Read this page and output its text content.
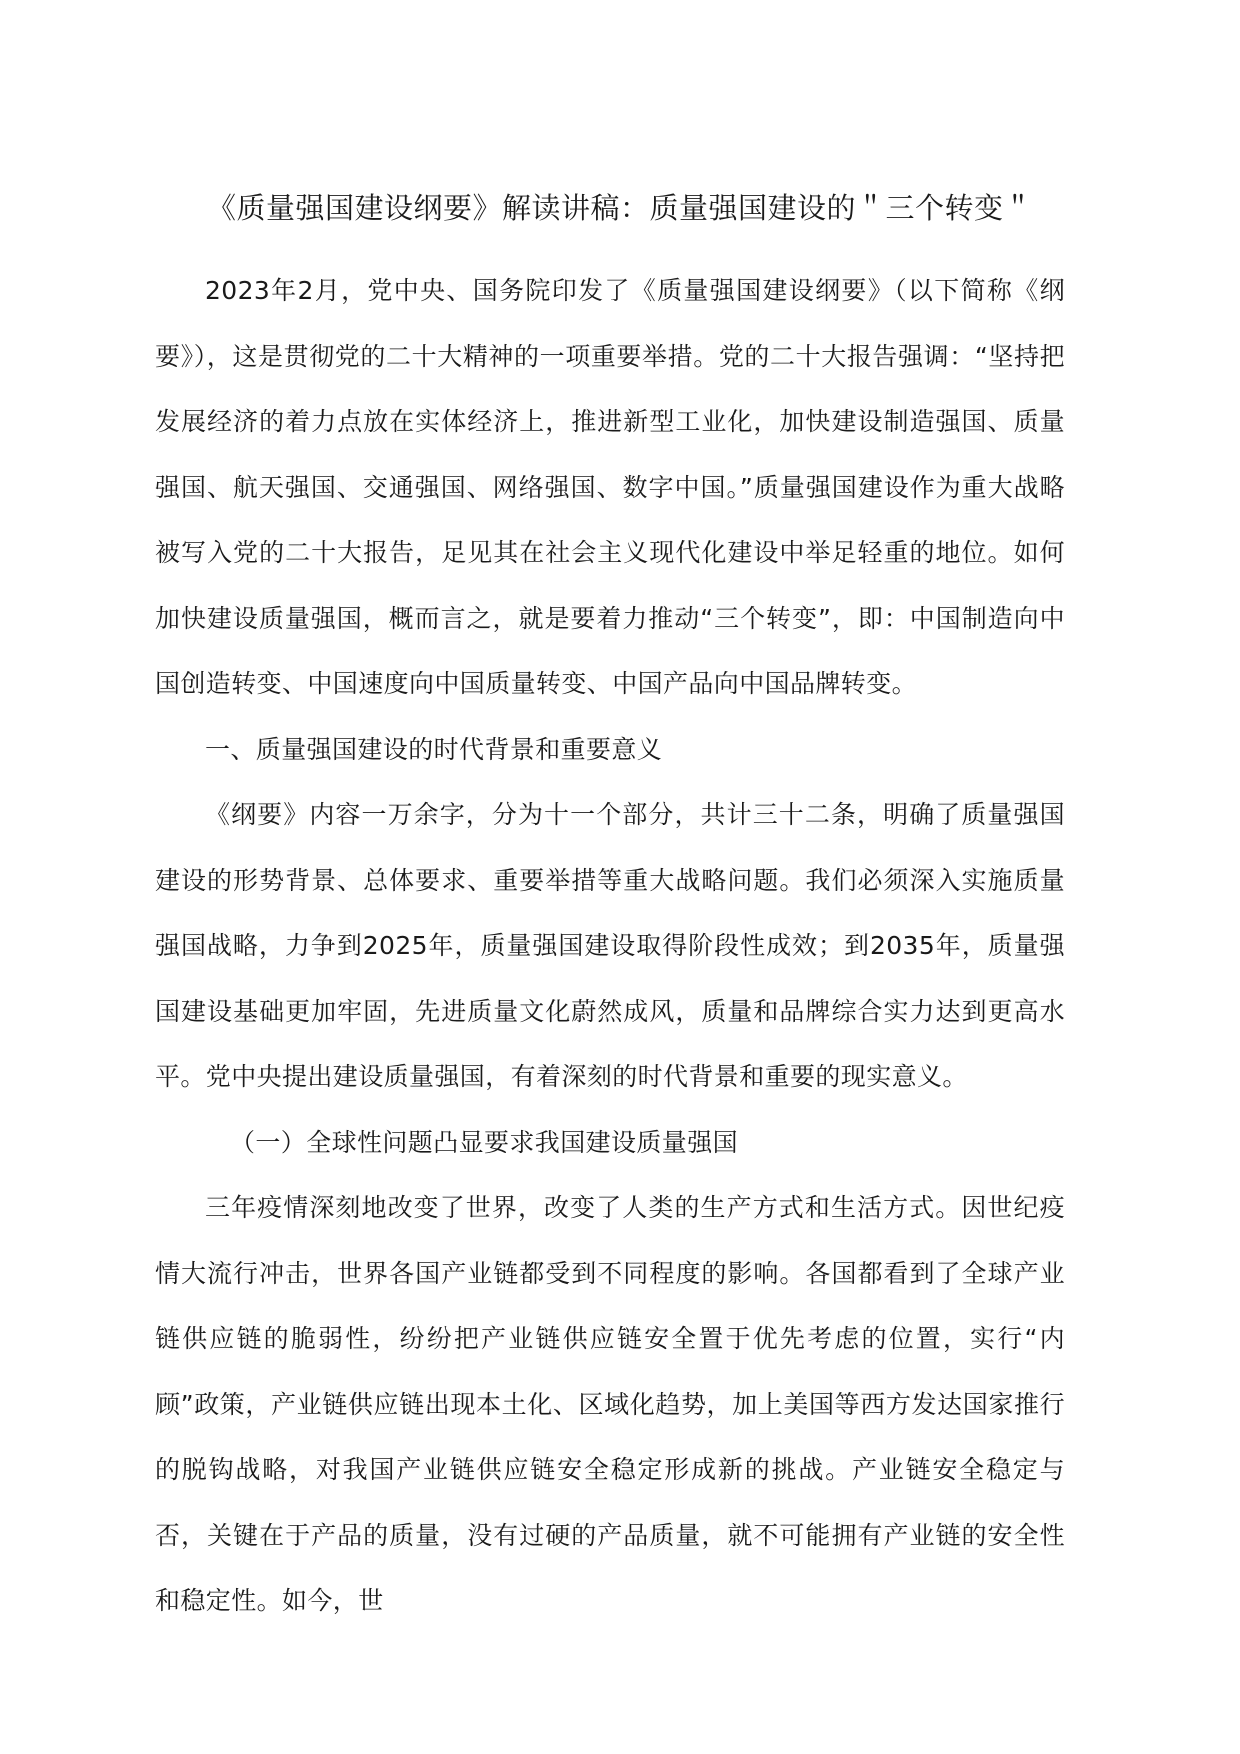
《质量强国建设纲要》解读讲稿：质量强国建设的＂三个转变＂

2023年2月，党中央、国务院印发了《质量强国建设纲要》（以下简称《纲要》），这是贯彻党的二十大精神的一项重要举措。党的二十大报告强调：“坚持把发展经济的着力点放在实体经济上，推进新型工业化，加快建设制造强国、质量强国、航天强国、交通强国、网络强国、数字中国。”质量强国建设作为重大战略被写入党的二十大报告，足见其在社会主义现代化建设中举足轻重的地位。如何加快建设质量强国，概而言之，就是要着力推动“三个转变”，即：中国制造向中国创造转变、中国速度向中国质量转变、中国产品向中国品牌转变。

一、质量强国建设的时代背景和重要意义

《纲要》内容一万余字，分为十一个部分，共计三十二条，明确了质量强国建设的形势背景、总体要求、重要举措等重大战略问题。我们必须深入实施质量强国战略，力争到2025年，质量强国建设取得阶段性成效；到2035年，质量强国建设基础更加牢固，先进质量文化蔚然成风，质量和品牌综合实力达到更高水平。党中央提出建设质量强国，有着深刻的时代背景和重要的现实意义。

（一）全球性问题凸显要求我国建设质量强国

三年疫情深刻地改变了世界，改变了人类的生产方式和生活方式。因世纪疫情大流行冲击，世界各国产业链都受到不同程度的影响。各国都看到了全球产业链供应链的脆弱性，纷纷把产业链供应链安全置于优先考虑的位置，实行“内顾”政策，产业链供应链出现本土化、区域化趋势，加上美国等西方发达国家推行的脱钩战略，对我国产业链供应链安全稳定形成新的挑战。产业链安全稳定与否，关键在于产品的质量，没有过硬的产品质量，就不可能拥有产业链的安全性和稳定性。如今，世
